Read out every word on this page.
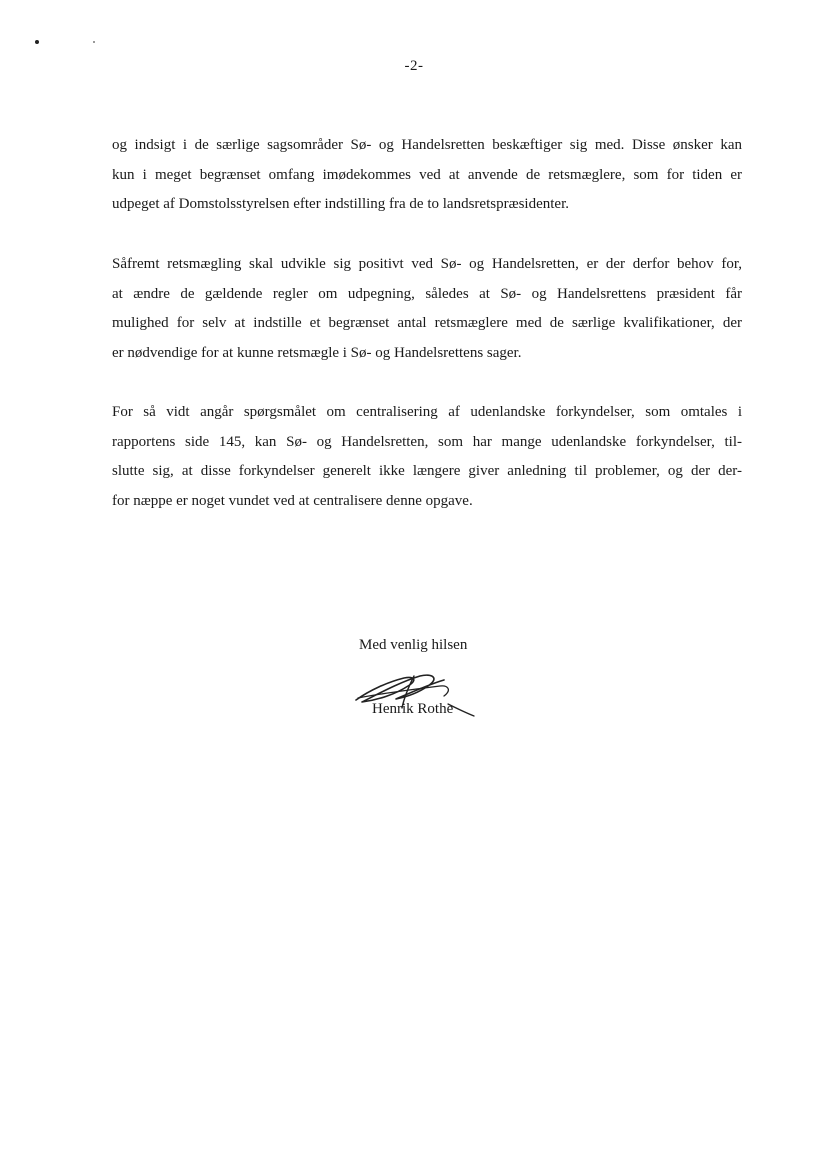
-2-

og indsigt i de særlige sagsområder Sø- og Handelsretten beskæftiger sig med. Disse ønsker kan
kun i meget begrænset omfang imødekommes ved at anvende de retsmæglere, som for tiden er
udpeget af Domstolsstyrelsen efter indstilling fra de to landsretspræsidenter.

Såfremt retsmægling skal udvikle sig positivt ved Sø- og Handelsretten, er der derfor behov for,
at ændre de gældende regler om udpegning, således at Sø- og Handelsrettens præsident får
mulighed for selv at indstille et begrænset antal retsmæglere med de særlige kvalifikationer, der
er nødvendige for at kunne retsmægle i Sø- og Handelsrettens sager.

For så vidt angår spørgsmålet om centralisering af udenlandske forkyndelser, som omtales i
rapportens side 145, kan Sø- og Handelsretten, som har mange udenlandske forkyndelser, til-
slutte sig, at disse forkyndelser generelt ikke længere giver anledning til problemer, og der der-
for næppe er noget vundet ved at centralisere denne opgave.

Med venlig hilsen
Henrik Rothe
